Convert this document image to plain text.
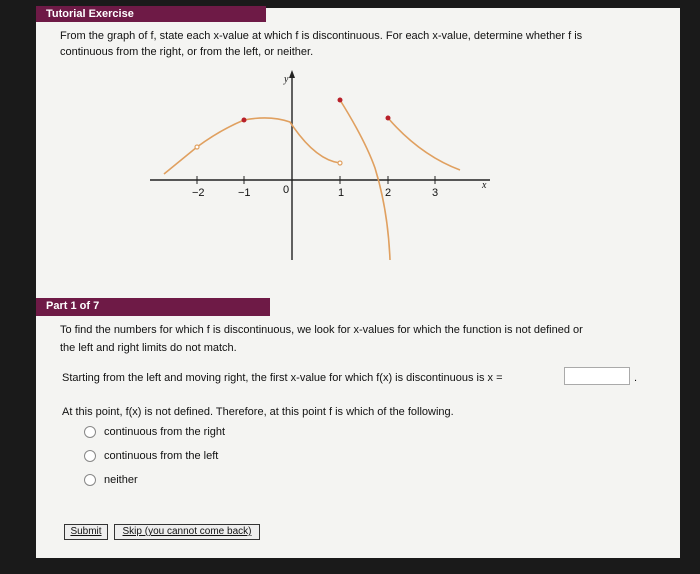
Tutorial Exercise
From the graph of f, state each x-value at which f is discontinuous. For each x-value, determine whether f is
continuous from the right, or from the left, or neither.
y
x
−2	−1	0	1	2	3
Part 1 of 7
To find the numbers for which f is discontinuous, we look for x-values for which the function is not defined or
the left and right limits do not match.
Starting from the left and moving right, the first x-value for which f(x) is discontinuous is x =	.
At this point, f(x) is not defined. Therefore, at this point f is which of the following.
continuous from the right
continuous from the left
neither
Submit	Skip (you cannot come back)
